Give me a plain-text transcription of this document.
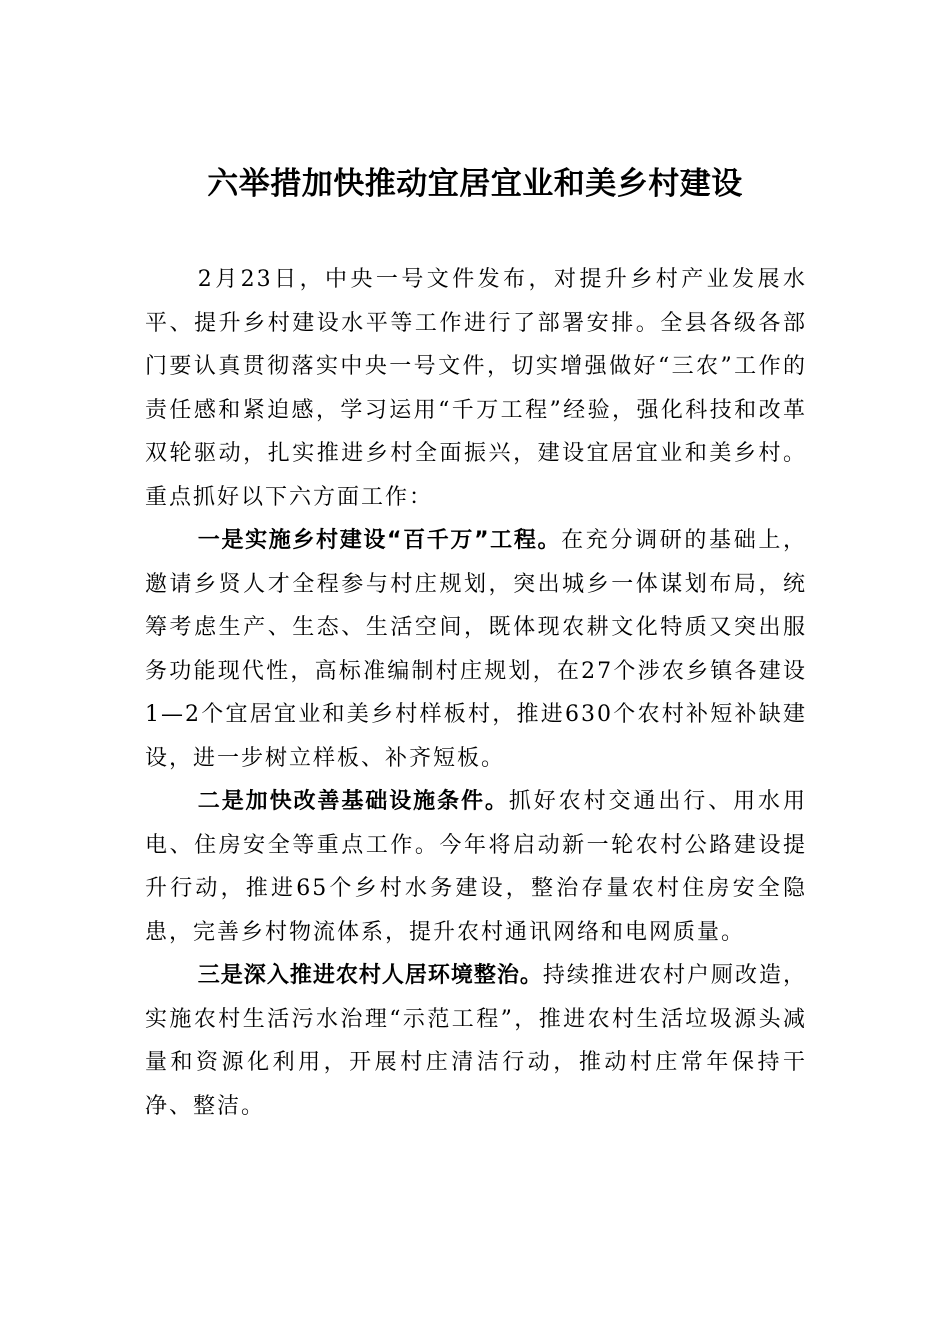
六举措加快推动宜居宜业和美乡村建设

2月23日，中央一号文件发布，对提升乡村产业发展水平、提升乡村建设水平等工作进行了部署安排。全县各级各部门要认真贯彻落实中央一号文件，切实增强做好“三农”工作的责任感和紧迫感，学习运用“千万工程”经验，强化科技和改革双轮驱动，扎实推进乡村全面振兴，建设宜居宜业和美乡村。重点抓好以下六方面工作：

一是实施乡村建设“百千万”工程。在充分调研的基础上，邀请乡贤人才全程参与村庄规划，突出城乡一体谋划布局，统筹考虑生产、生态、生活空间，既体现农耕文化特质又突出服务功能现代性，高标准编制村庄规划，在27个涉农乡镇各建设1—2个宜居宜业和美乡村样板村，推进630个农村补短补缺建设，进一步树立样板、补齐短板。

二是加快改善基础设施条件。抓好农村交通出行、用水用电、住房安全等重点工作。今年将启动新一轮农村公路建设提升行动，推进65个乡村水务建设，整治存量农村住房安全隐患，完善乡村物流体系，提升农村通讯网络和电网质量。

三是深入推进农村人居环境整治。持续推进农村户厕改造，实施农村生活污水治理“示范工程”，推进农村生活垃圾源头减量和资源化利用，开展村庄清洁行动，推动村庄常年保持干净、整洁。
